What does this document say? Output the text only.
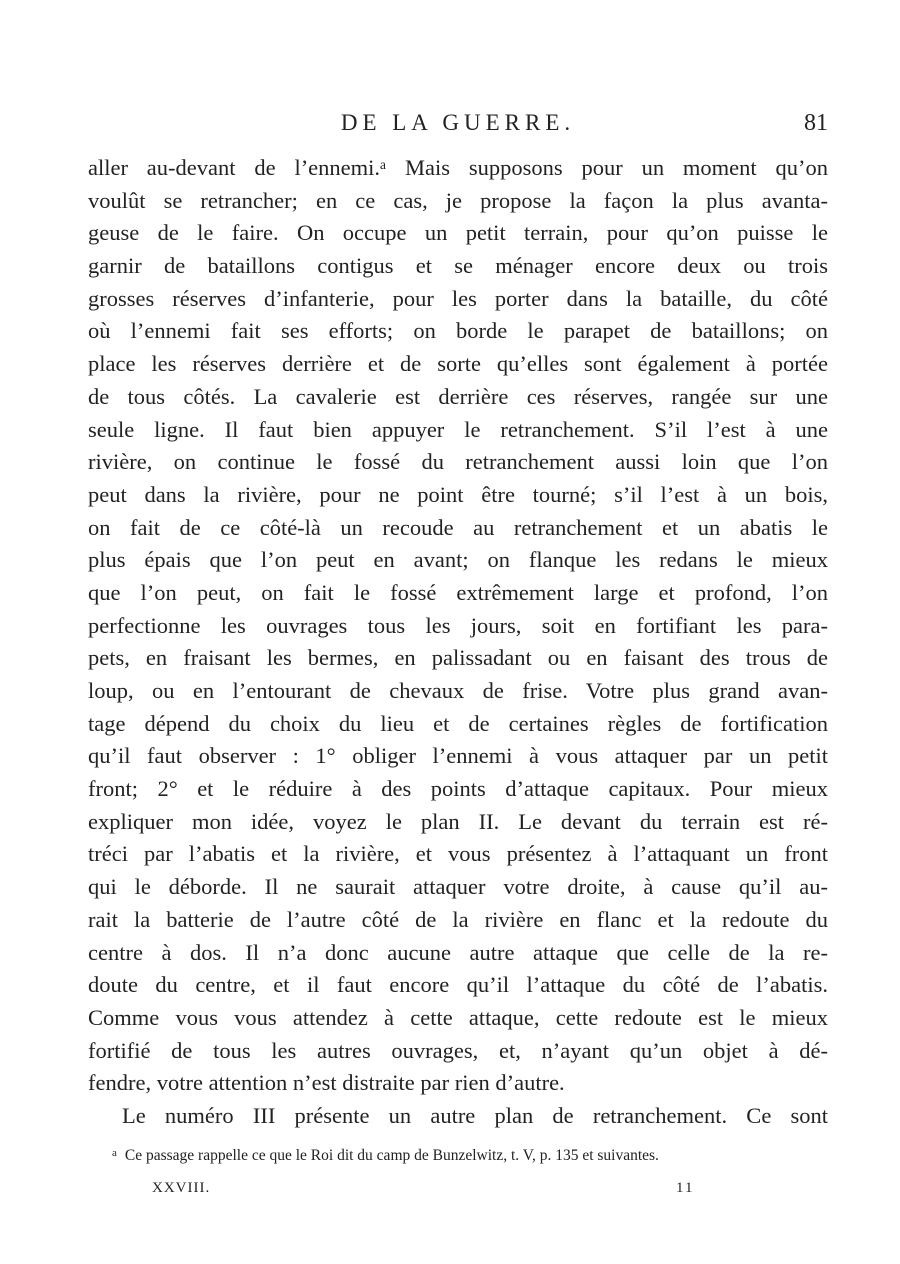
DE LA GUERRE.	81
aller au-devant de l’ennemi.ᵃ Mais supposons pour un moment qu’on
voulût se retrancher; en ce cas, je propose la façon la plus avanta-
geuse de le faire. On occupe un petit terrain, pour qu’on puisse le
garnir de bataillons contigus et se ménager encore deux ou trois
grosses réserves d’infanterie, pour les porter dans la bataille, du côté
où l’ennemi fait ses efforts; on borde le parapet de bataillons; on
place les réserves derrière et de sorte qu’elles sont également à portée
de tous côtés. La cavalerie est derrière ces réserves, rangée sur une
seule ligne. Il faut bien appuyer le retranchement. S’il l’est à une
rivière, on continue le fossé du retranchement aussi loin que l’on
peut dans la rivière, pour ne point être tourné; s’il l’est à un bois,
on fait de ce côté-là un recoude au retranchement et un abatis le
plus épais que l’on peut en avant; on flanque les redans le mieux
que l’on peut, on fait le fossé extrêmement large et profond, l’on
perfectionne les ouvrages tous les jours, soit en fortifiant les para-
pets, en fraisant les bermes, en palissadant ou en faisant des trous de
loup, ou en l’entourant de chevaux de frise. Votre plus grand avan-
tage dépend du choix du lieu et de certaines règles de fortification
qu’il faut observer : 1° obliger l’ennemi à vous attaquer par un petit
front; 2° et le réduire à des points d’attaque capitaux. Pour mieux
expliquer mon idée, voyez le plan II. Le devant du terrain est ré-
tréci par l’abatis et la rivière, et vous présentez à l’attaquant un front
qui le déborde. Il ne saurait attaquer votre droite, à cause qu’il au-
rait la batterie de l’autre côté de la rivière en flanc et la redoute du
centre à dos. Il n’a donc aucune autre attaque que celle de la re-
doute du centre, et il faut encore qu’il l’attaque du côté de l’abatis.
Comme vous vous attendez à cette attaque, cette redoute est le mieux
fortifié de tous les autres ouvrages, et, n’ayant qu’un objet à dé-
fendre, votre attention n’est distraite par rien d’autre.
Le numéro III présente un autre plan de retranchement. Ce sont
$^a$ Ce passage rappelle ce que le Roi dit du camp de Bunzelwitz, t. V, p. 135 et suivantes.
XXVIII.	11
